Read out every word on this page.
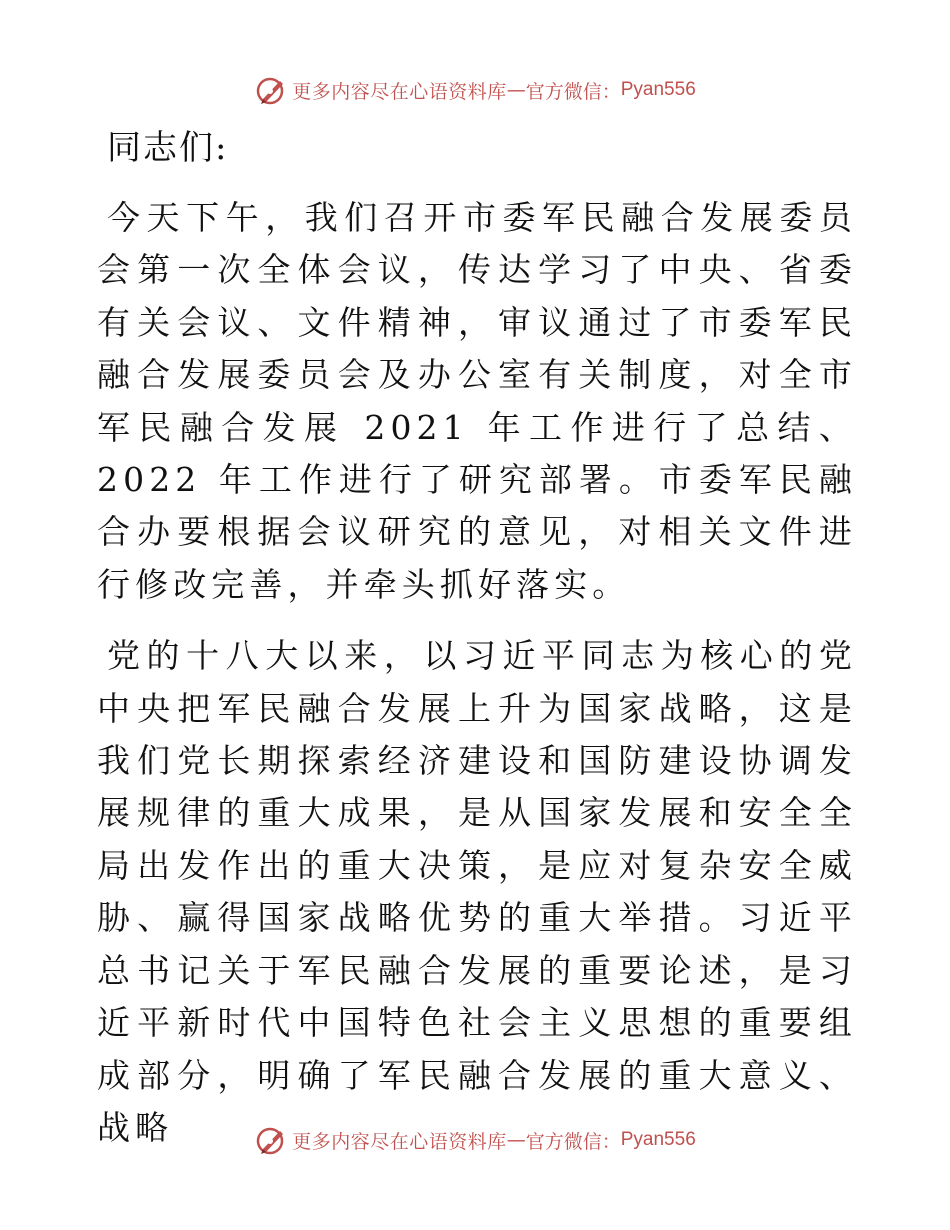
更多内容尽在心语资料库 — 官方微信： Pyan556
同志们:

今天下午，我们召开市委军民融合发展委员会第一次全体会议，传达学习了中央、省委有关会议、文件精神，审议通过了市委军民融合发展委员会及办公室有关制度，对全市军民融合发展 2021 年工作进行了总结、2022 年工作进行了研究部署。市委军民融合办要根据会议研究的意见，对相关文件进行修改完善，并牵头抓好落实。

党的十八大以来，以习近平同志为核心的党中央把军民融合发展上升为国家战略，这是我们党长期探索经济建设和国防建设协调发展规律的重大成果，是从国家发展和安全全局出发作出的重大决策，是应对复杂安全威胁、赢得国家战略优势的重大举措。习近平总书记关于军民融合发展的重要论述，是习近平新时代中国特色社会主义思想的重要组成部分，明确了军民融合发展的重大意义、战略	更多内容尽在心语资料库 — 官方微信： Pyan556
